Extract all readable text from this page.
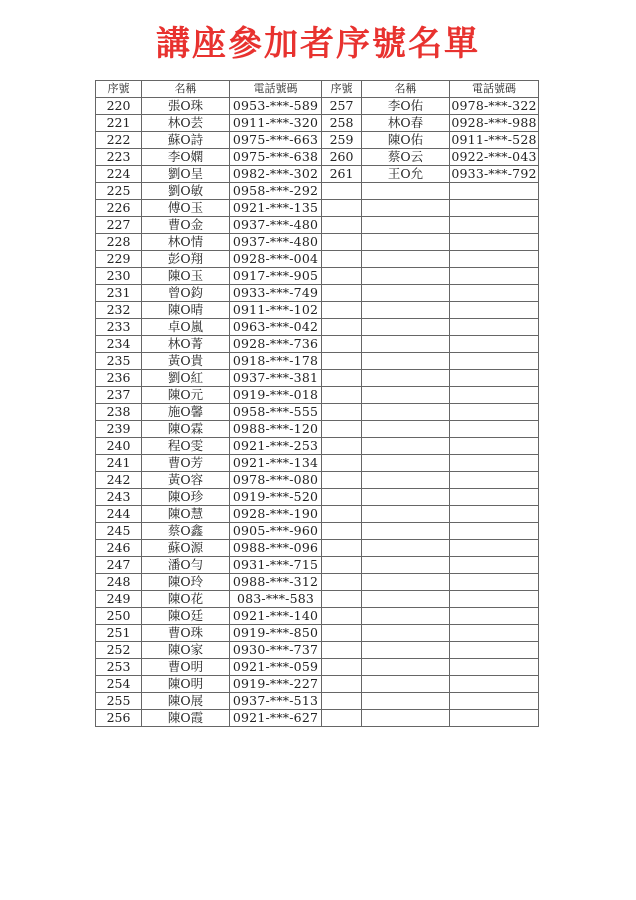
講座參加者序號名單
序號	名稱	電話號碼	序號	名稱	電話號碼
220	張O珠	0953-***-589	257	李O佑	0978-***-322
221	林O芸	0911-***-320	258	林O春	0928-***-988
222	蘇O詩	0975-***-663	259	陳O佑	0911-***-528
223	李O嫻	0975-***-638	260	蔡O云	0922-***-043
224	劉O呈	0982-***-302	261	王O允	0933-***-792
225	劉O敏	0958-***-292			
226	傅O玉	0921-***-135			
227	曹O金	0937-***-480			
228	林O情	0937-***-480			
229	彭O翔	0928-***-004			
230	陳O玉	0917-***-905			
231	曾O鈞	0933-***-749			
232	陳O晴	0911-***-102			
233	卓O嵐	0963-***-042			
234	林O菁	0928-***-736			
235	黃O貴	0918-***-178			
236	劉O紅	0937-***-381			
237	陳O元	0919-***-018			
238	施O馨	0958-***-555			
239	陳O霖	0988-***-120			
240	程O雯	0921-***-253			
241	曹O芳	0921-***-134			
242	黃O容	0978-***-080			
243	陳O珍	0919-***-520			
244	陳O慧	0928-***-190			
245	蔡O鑫	0905-***-960			
246	蘇O源	0988-***-096			
247	潘O勻	0931-***-715			
248	陳O玲	0988-***-312			
249	陳O花	083-***-583			
250	陳O廷	0921-***-140			
251	曹O珠	0919-***-850			
252	陳O家	0930-***-737			
253	曹O明	0921-***-059			
254	陳O明	0919-***-227			
255	陳O展	0937-***-513			
256	陳O霞	0921-***-627			
